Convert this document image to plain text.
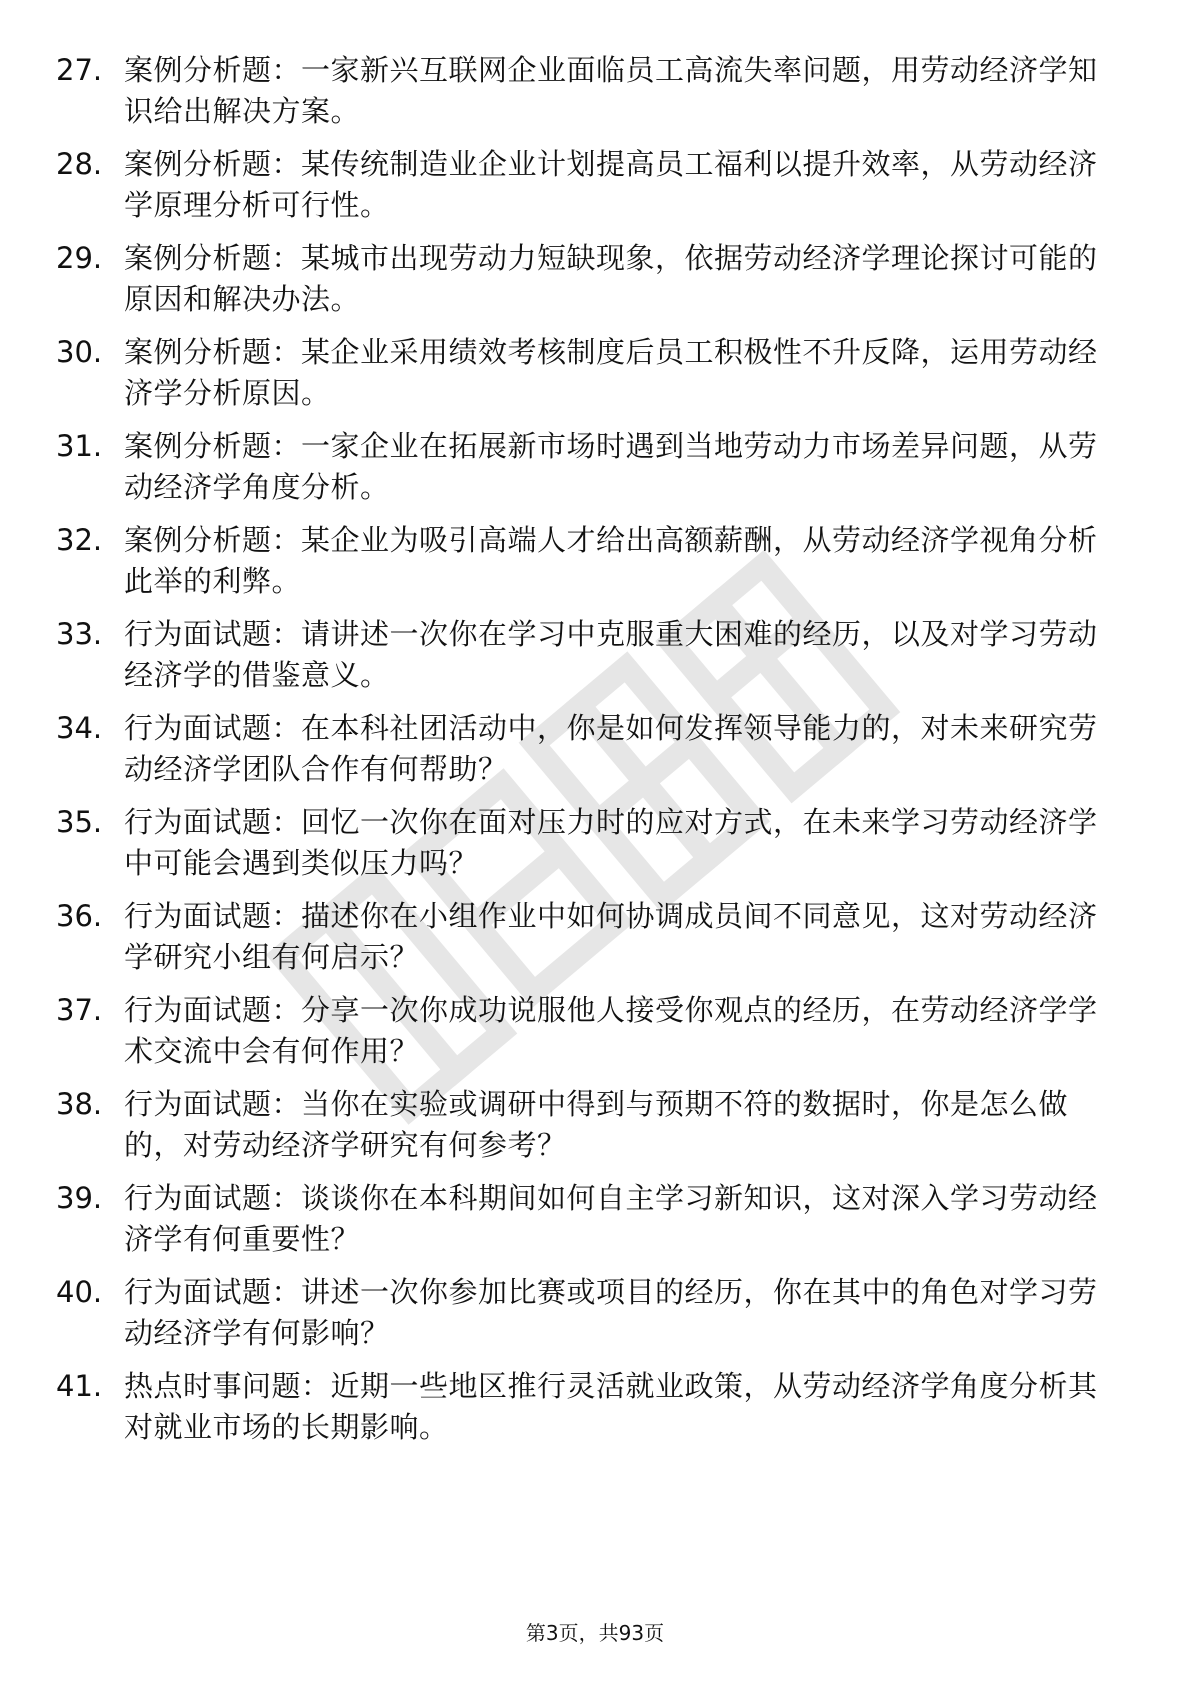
27. 案例分析题：一家新兴互联网企业面临员工高流失率问题，用劳动经济学知识给出解决方案。
28. 案例分析题：某传统制造业企业计划提高员工福利以提升效率，从劳动经济学原理分析可行性。
29. 案例分析题：某城市出现劳动力短缺现象，依据劳动经济学理论探讨可能的原因和解决办法。
30. 案例分析题：某企业采用绩效考核制度后员工积极性不升反降，运用劳动经济学分析原因。
31. 案例分析题：一家企业在拓展新市场时遇到当地劳动力市场差异问题，从劳动经济学角度分析。
32. 案例分析题：某企业为吸引高端人才给出高额薪酬，从劳动经济学视角分析此举的利弊。
33. 行为面试题：请讲述一次你在学习中克服重大困难的经历，以及对学习劳动经济学的借鉴意义。
34. 行为面试题：在本科社团活动中，你是如何发挥领导能力的，对未来研究劳动经济学团队合作有何帮助？
35. 行为面试题：回忆一次你在面对压力时的应对方式，在未来学习劳动经济学中可能会遇到类似压力吗？
36. 行为面试题：描述你在小组作业中如何协调成员间不同意见，这对劳动经济学研究小组有何启示？
37. 行为面试题：分享一次你成功说服他人接受你观点的经历，在劳动经济学学术交流中会有何作用？
38. 行为面试题：当你在实验或调研中得到与预期不符的数据时，你是怎么做的，对劳动经济学研究有何参考？
39. 行为面试题：谈谈你在本科期间如何自主学习新知识，这对深入学习劳动经济学有何重要性？
40. 行为面试题：讲述一次你参加比赛或项目的经历，你在其中的角色对学习劳动经济学有何影响？
41. 热点时事问题：近期一些地区推行灵活就业政策，从劳动经济学角度分析其对就业市场的长期影响。
第3页，共93页
